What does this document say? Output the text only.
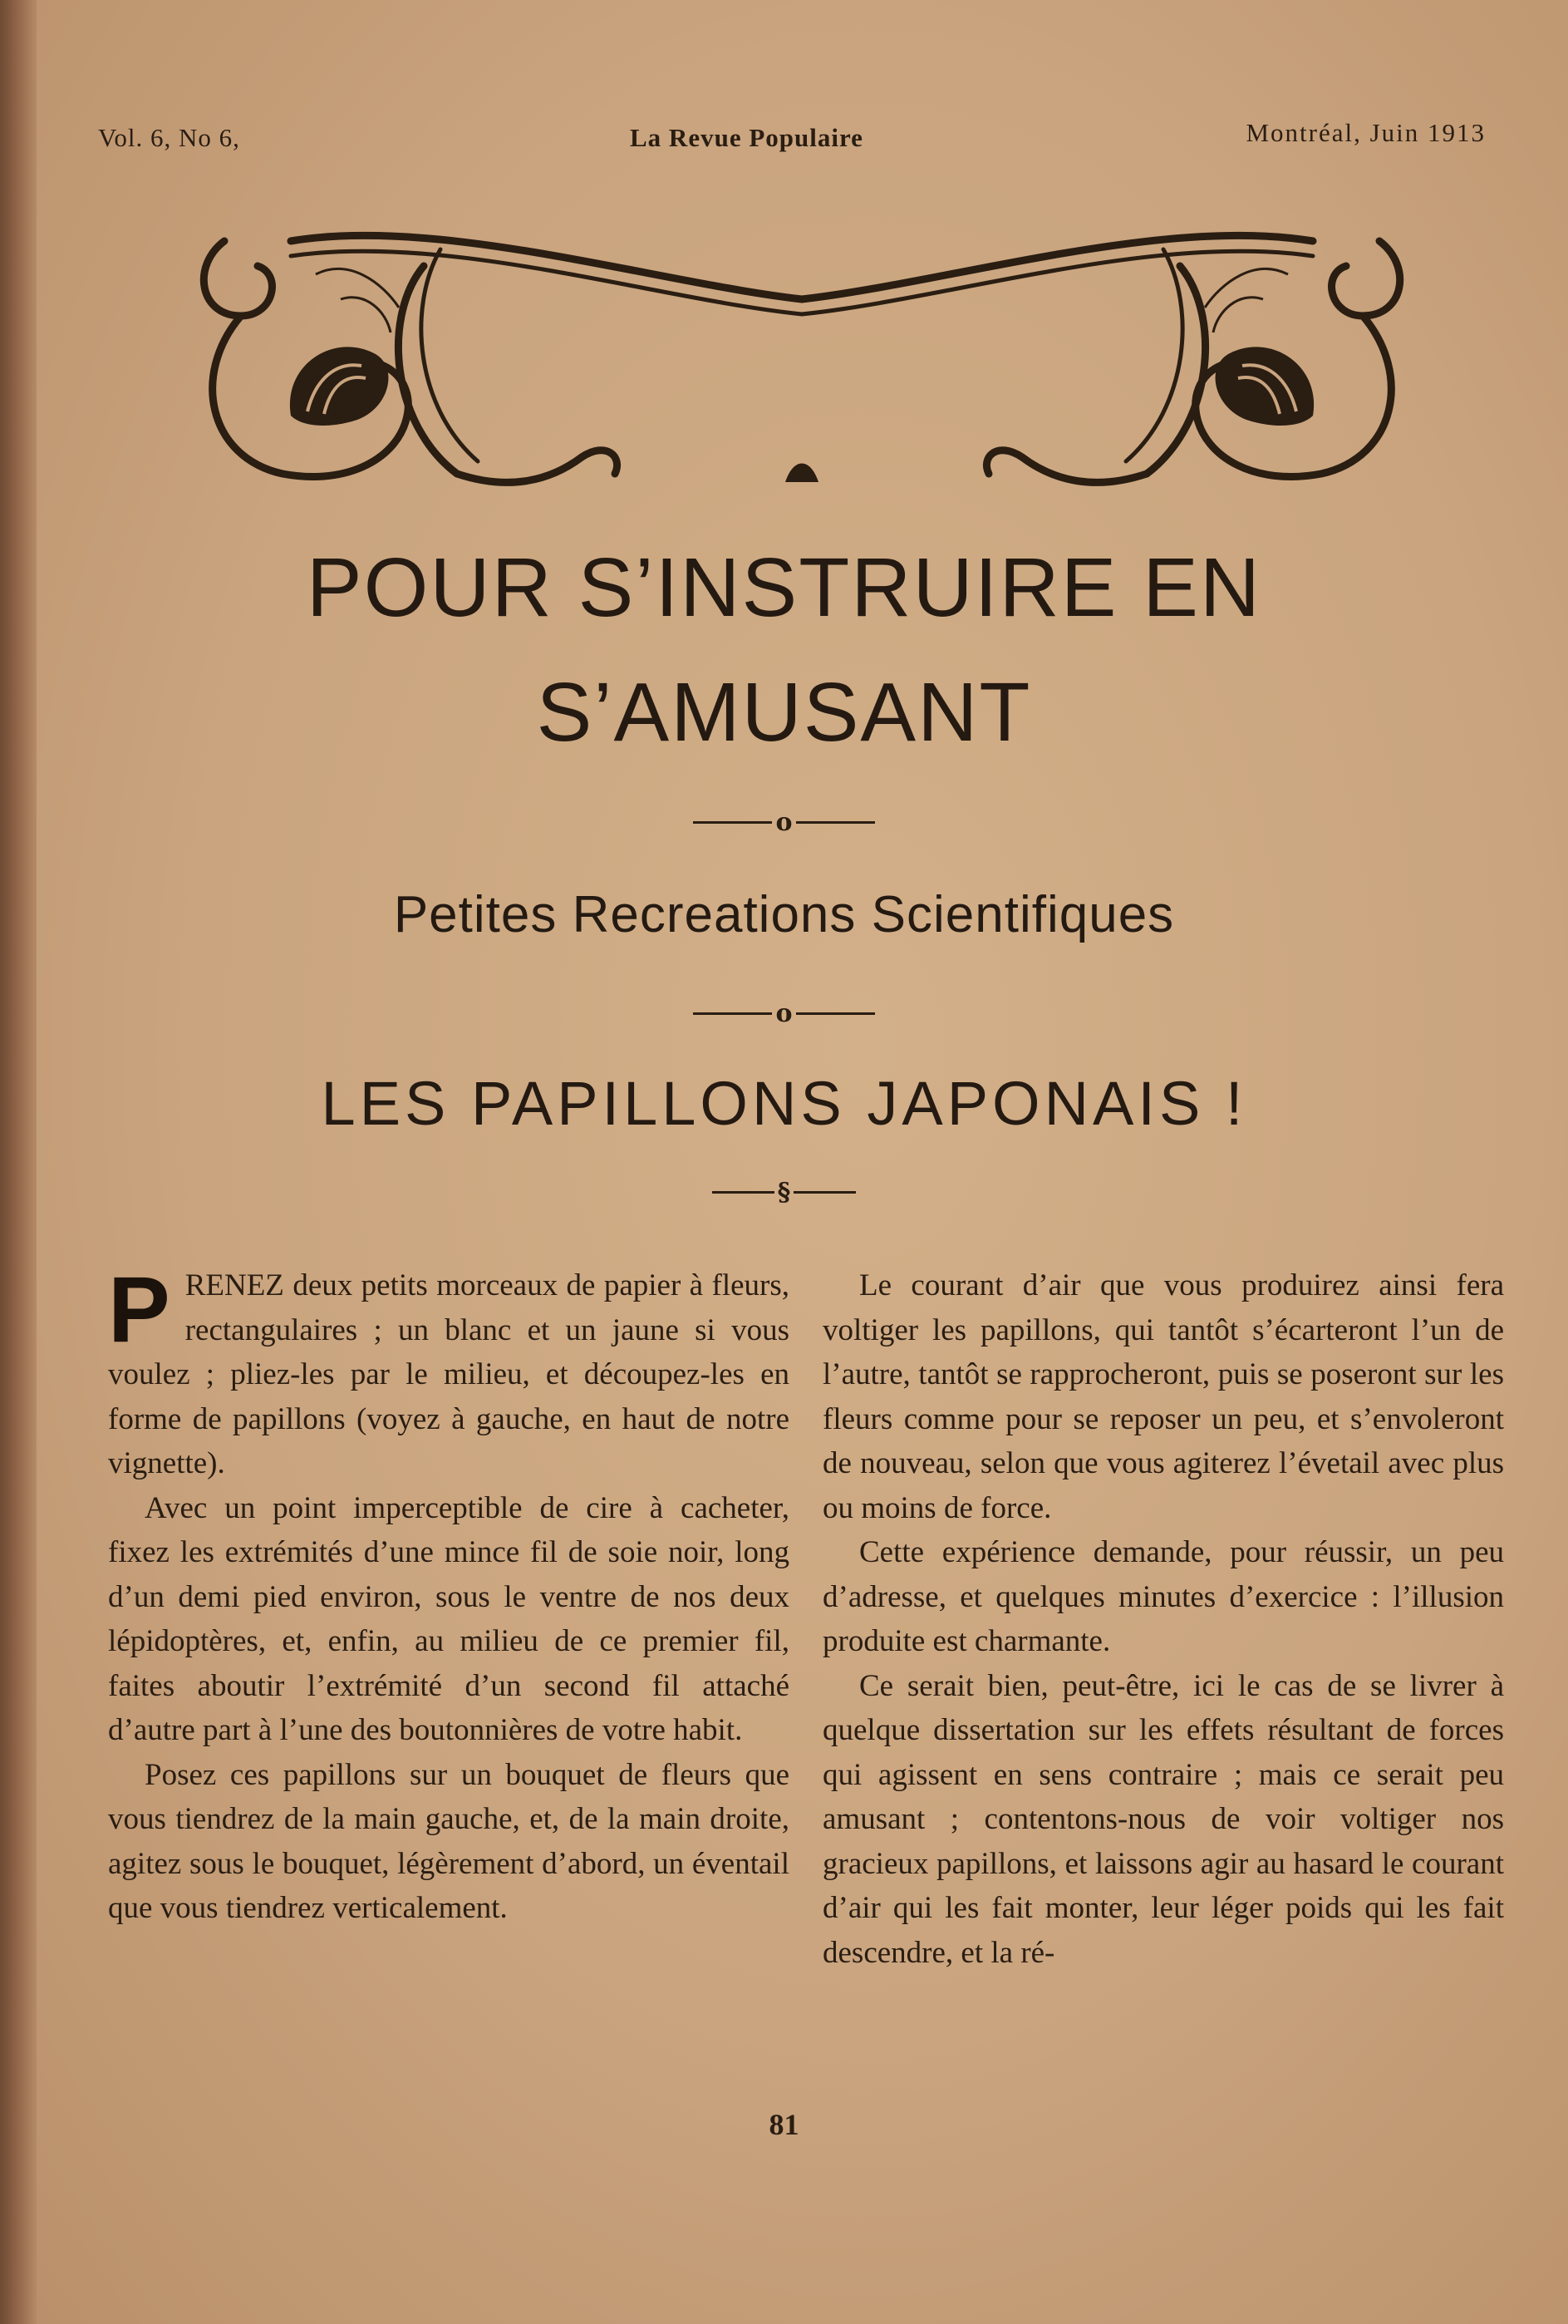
Vol. 6, No 6,	La Revue Populaire	Montréal, Juin 1913
POUR S’INSTRUIRE EN
S’AMUSANT
o
Petites Recreations Scientifiques
o
LES PAPILLONS JAPONAIS !
§

PRENEZ deux petits morceaux de papier à fleurs, rectangulaires ; un blanc et un jaune si vous voulez ; pliez-les par le milieu, et découpez-les en forme de papillons (voyez à gauche, en haut de notre vignette).

Avec un point imperceptible de cire à cacheter, fixez les extrémités d’une mince fil de soie noir, long d’un demi pied environ, sous le ventre de nos deux lépidoptères, et, enfin, au milieu de ce premier fil, faites aboutir l’extrémité d’un second fil attaché d’autre part à l’une des boutonnières de votre habit.

Posez ces papillons sur un bouquet de fleurs que vous tiendrez de la main gauche, et, de la main droite, agitez sous le bouquet, légèrement d’abord, un éventail que vous tiendrez verticalement.

Le courant d’air que vous produirez ainsi fera voltiger les papillons, qui tantôt s’écarteront l’un de l’autre, tantôt se rapprocheront, puis se poseront sur les fleurs comme pour se reposer un peu, et s’envoleront de nouveau, selon que vous agiterez l’évetail avec plus ou moins de force.

Cette expérience demande, pour réussir, un peu d’adresse, et quelques minutes d’exercice : l’illusion produite est charmante.

Ce serait bien, peut-être, ici le cas de se livrer à quelque dissertation sur les effets résultant de forces qui agissent en sens contraire ; mais ce serait peu amusant ; contentons-nous de voir voltiger nos gracieux papillons, et laissons agir au hasard le courant d’air qui les fait monter, leur léger poids qui les fait descendre, et la ré-

81
